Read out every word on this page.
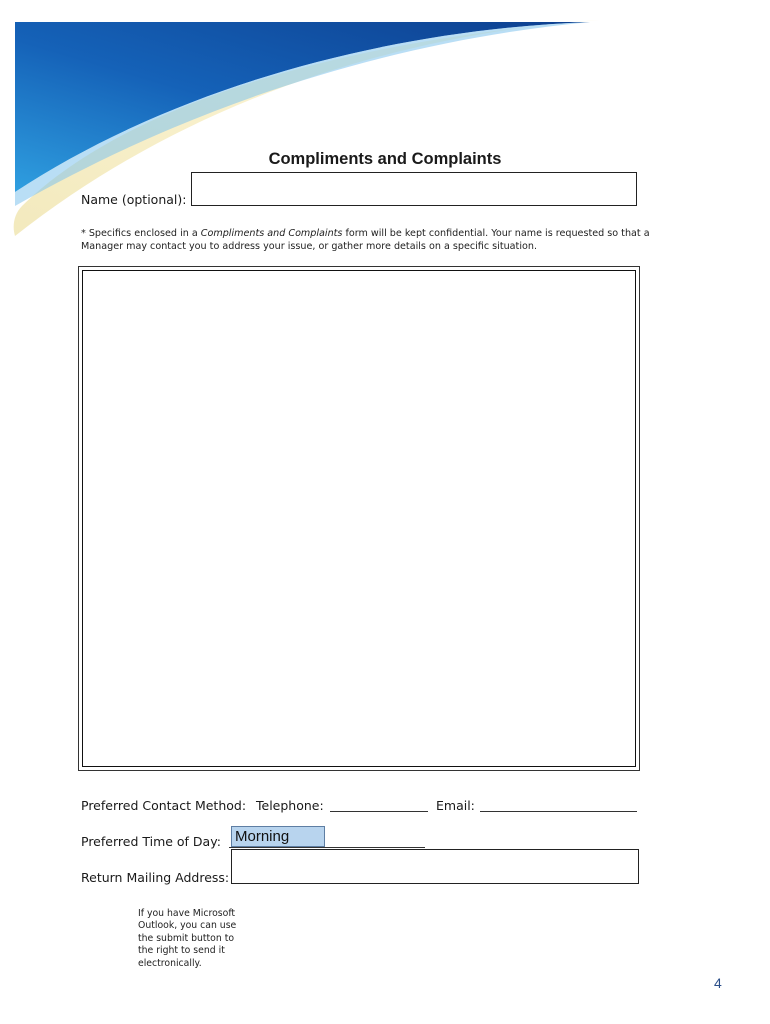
Compliments and Complaints
Name (optional):
* Specifics enclosed in a Compliments and Complaints form will be kept confidential. Your name is requested so that a Manager may contact you to address your issue, or gather more details on a specific situation.
Preferred Contact Method: Telephone:	Email:
Preferred Time of Day: Morning
Return Mailing Address:
If you have Microsoft Outlook, you can use the submit button to the right to send it electronically.
4
